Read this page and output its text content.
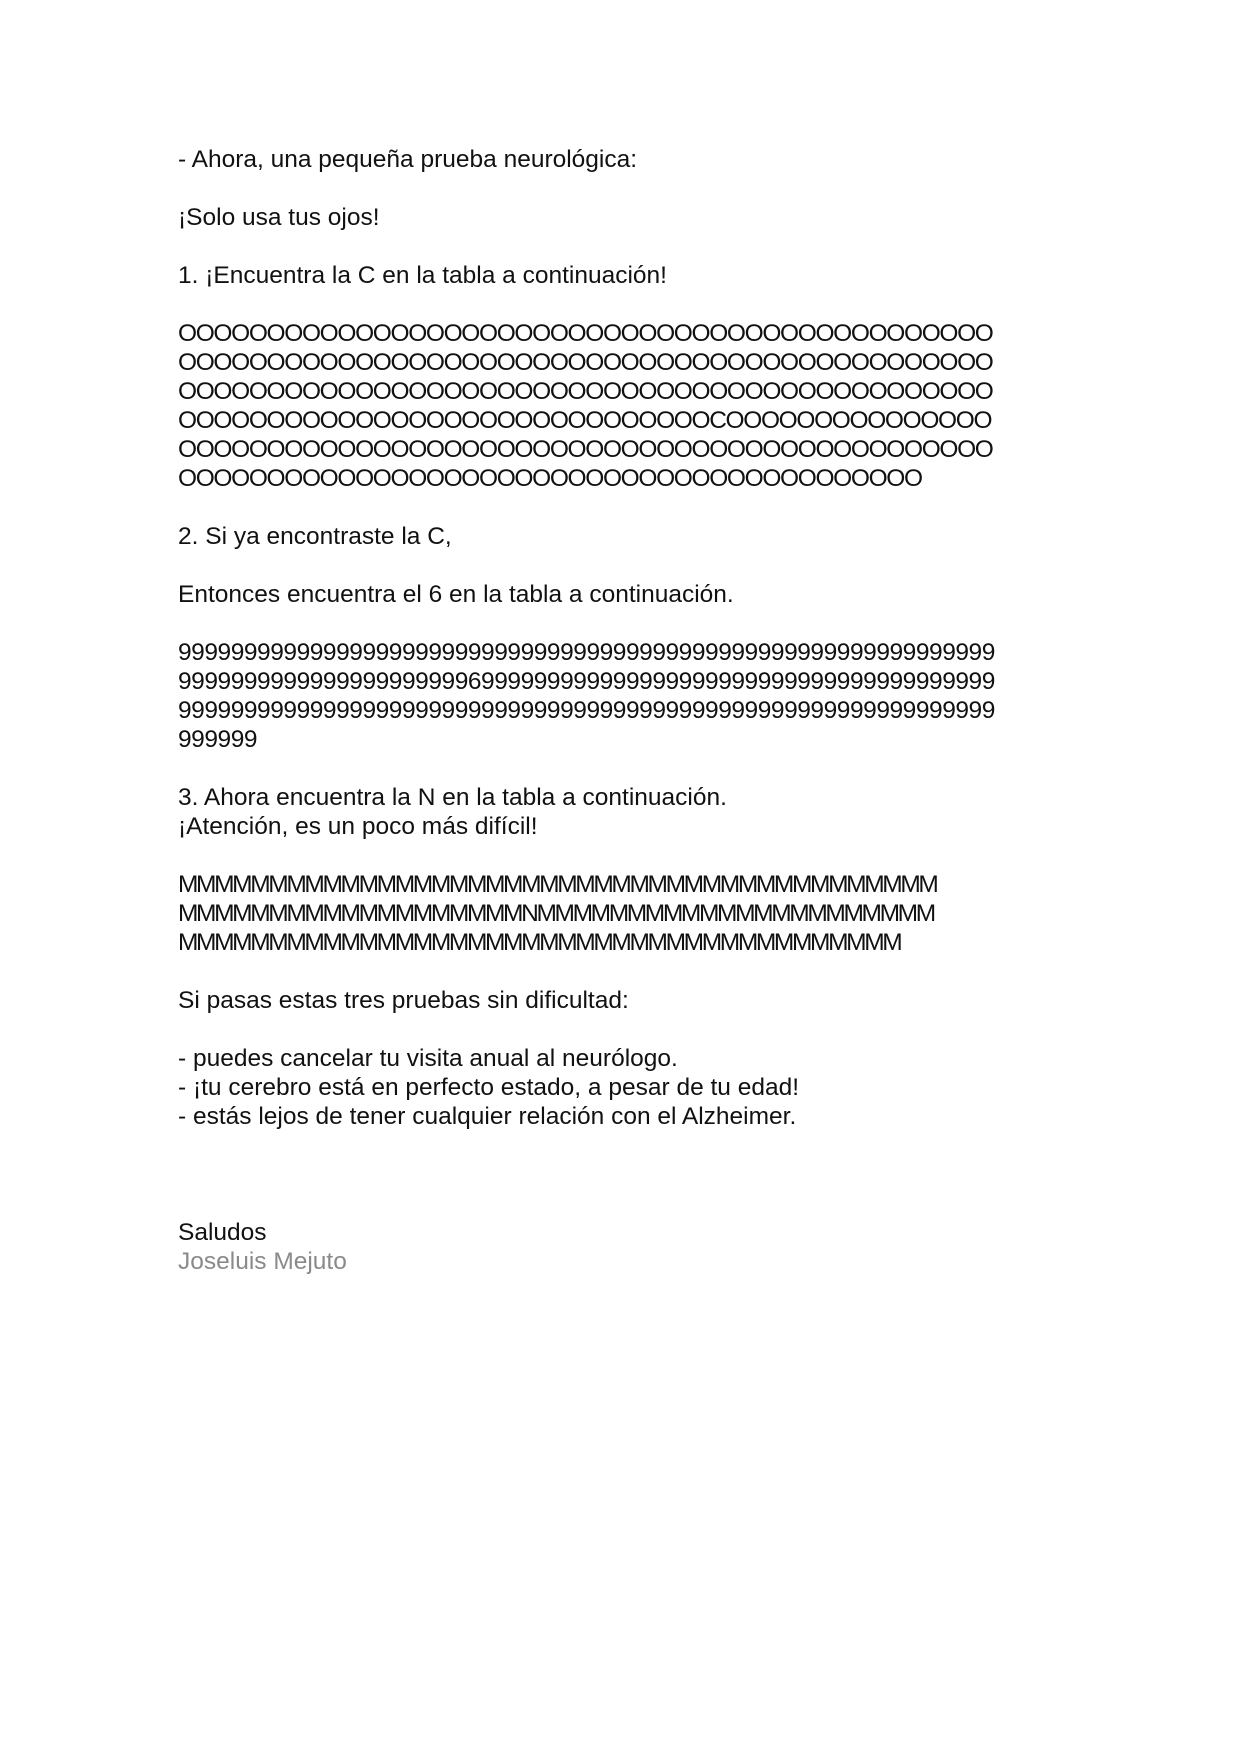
- Ahora, una pequeña prueba neurológica:
¡Solo usa tus ojos!
1. ¡Encuentra la C en la tabla a continuación!
OOOOOOOOOOOOOOOOOOOOOOOOOOOOOOOOOOOOOOOOOOOOOO
OOOOOOOOOOOOOOOOOOOOOOOOOOOOOOOOOOOOOOOOOOOOOO
OOOOOOOOOOOOOOOOOOOOOOOOOOOOOOOOOOOOOOOOOOOOOO
OOOOOOOOOOOOOOOOOOOOOOOOOOOOOOCOOOOOOOOOOOOOOO
OOOOOOOOOOOOOOOOOOOOOOOOOOOOOOOOOOOOOOOOOOOOOO
OOOOOOOOOOOOOOOOOOOOOOOOOOOOOOOOOOOOOOOOOO
2. Si ya encontraste la C,
Entonces encuentra el 6 en la tabla a continuación.
99999999999999999999999999999999999999999999999999999999999999
99999999999999999999996999999999999999999999999999999999999999
99999999999999999999999999999999999999999999999999999999999999
999999
3. Ahora encuentra la N en la tabla a continuación.
¡Atención, es un poco más difícil!
MMMMMMMMMMMMMMMMMMMMMMMMMMMMMMMMMMMMMMMMMM
MMMMMMMMMMMMMMMMMMMNMMMMMMMMMMMMMMMMMMMMMM
MMMMMMMMMMMMMMMMMMMMMMMMMMMMMMMMMMMMMMMM
Si pasas estas tres pruebas sin dificultad:
- puedes cancelar tu visita anual al neurólogo.
- ¡tu cerebro está en perfecto estado, a pesar de tu edad!
- estás lejos de tener cualquier relación con el Alzheimer.
Saludos
Joseluis Mejuto
